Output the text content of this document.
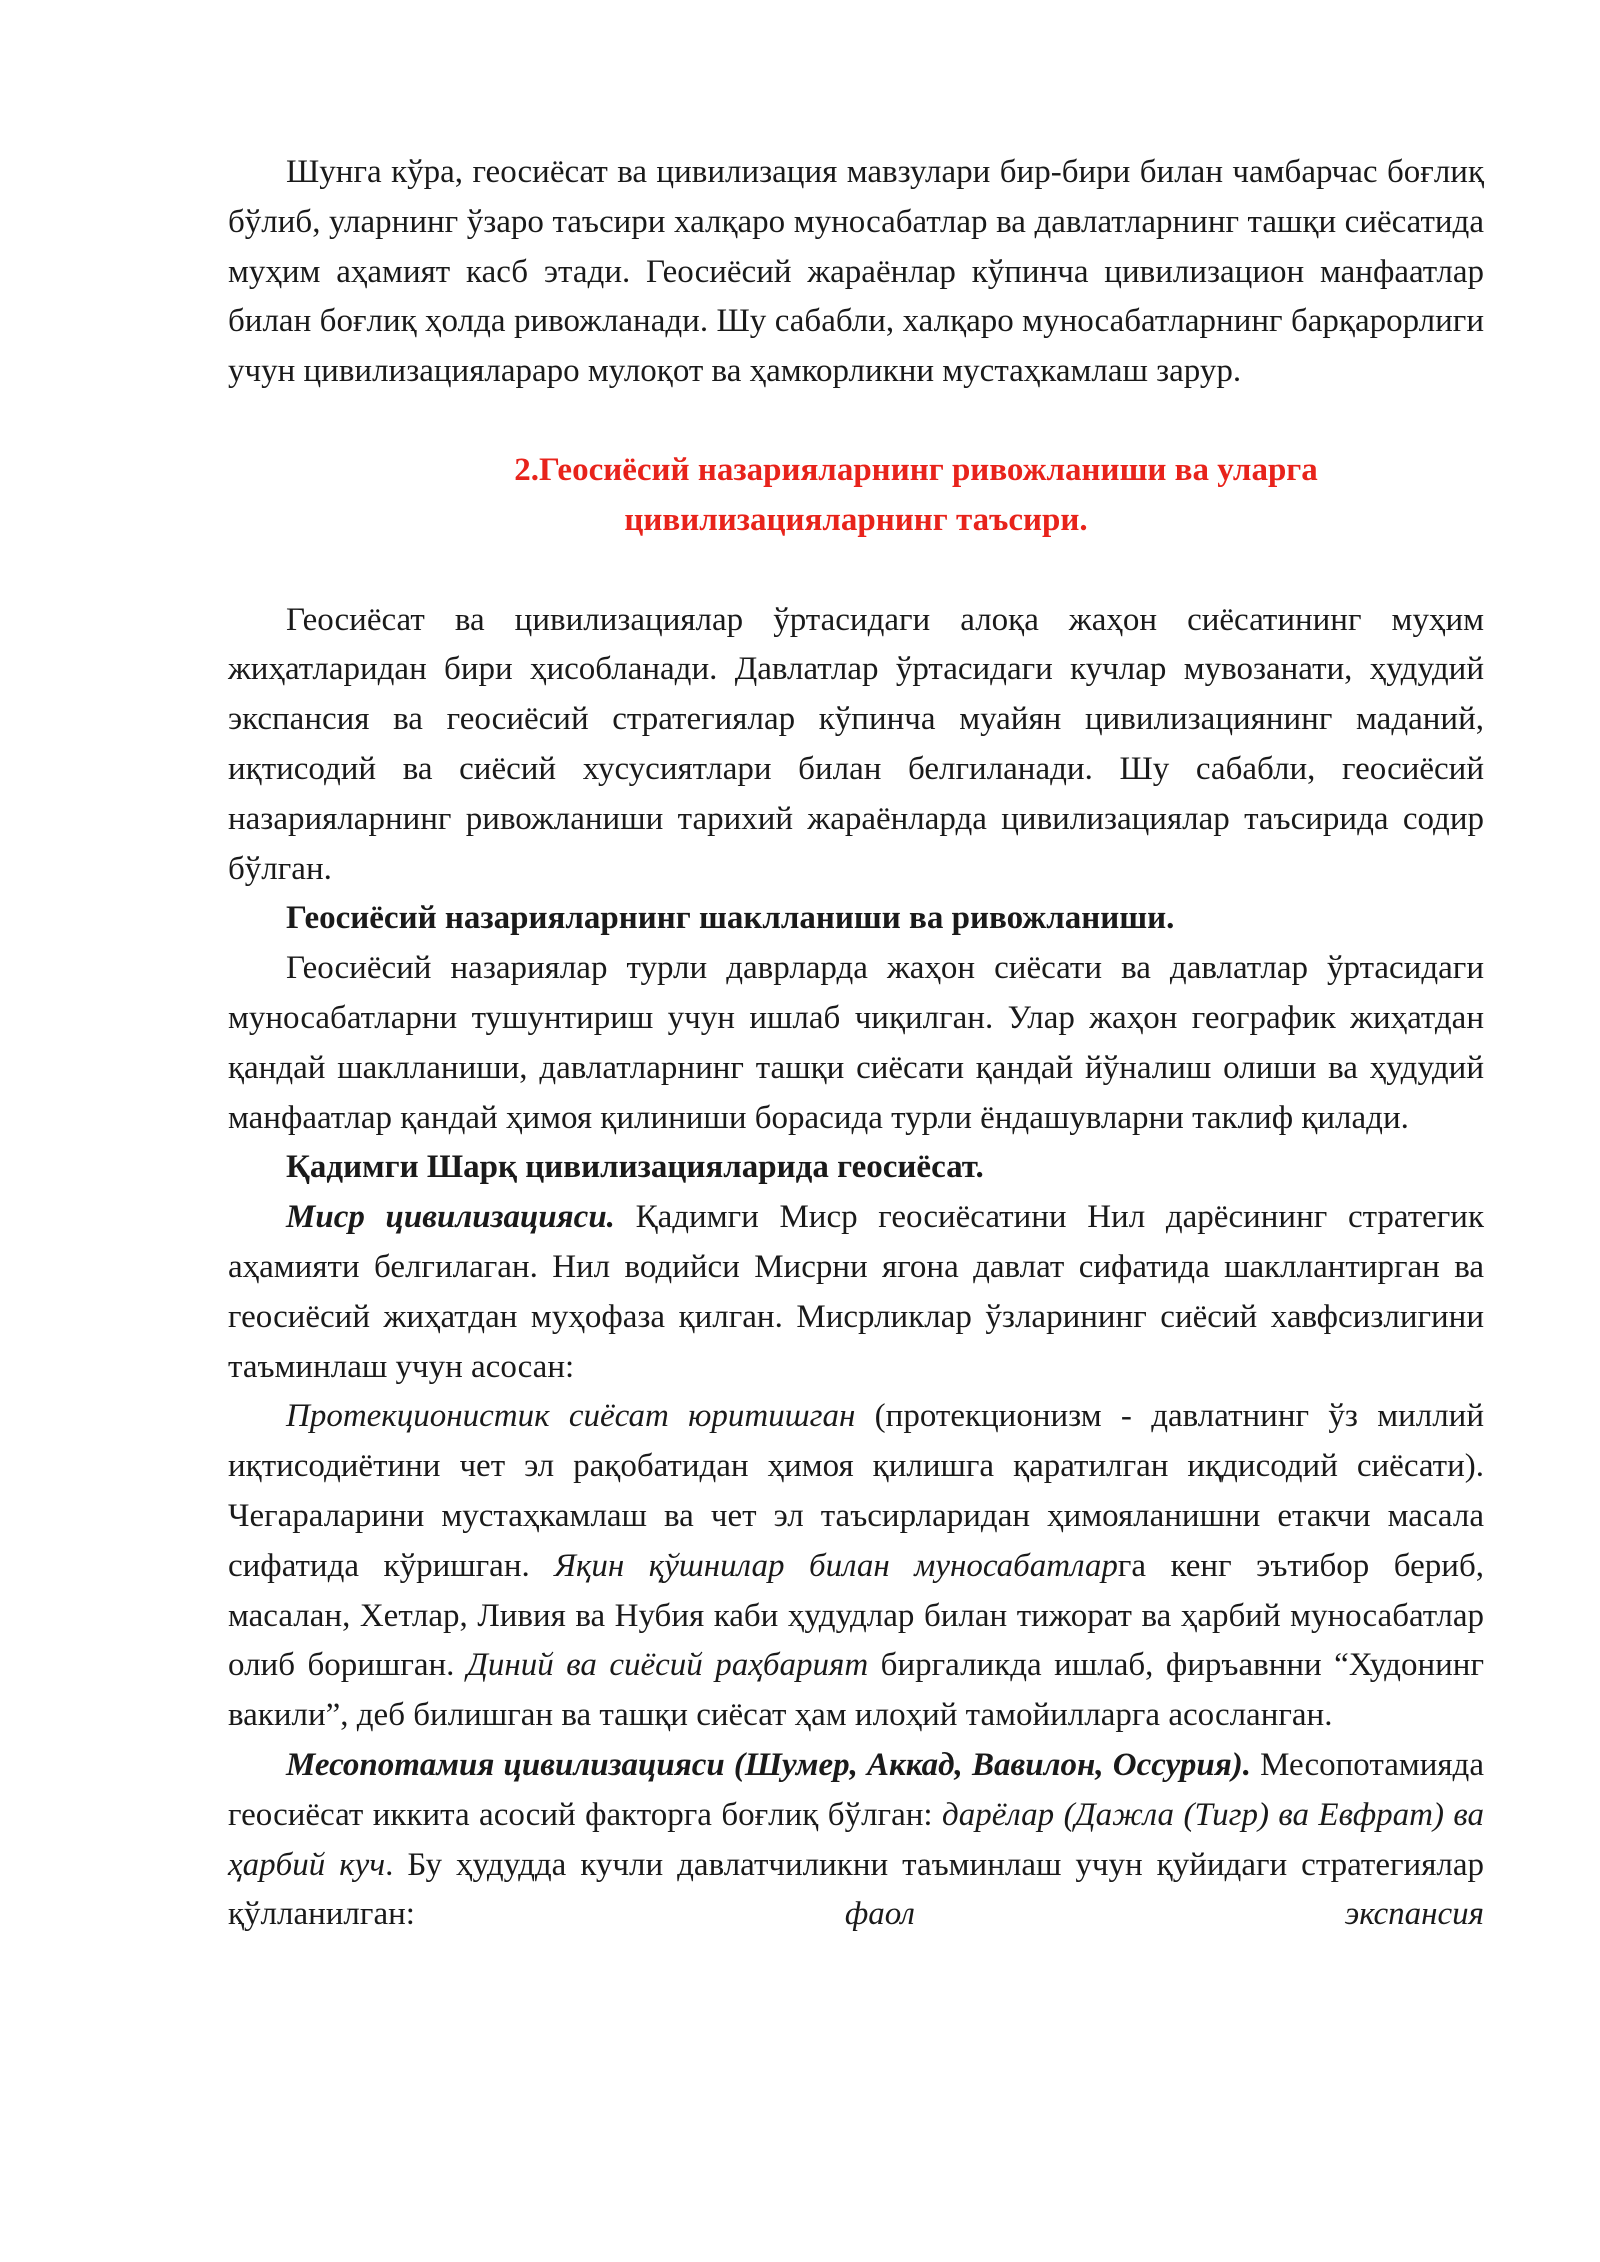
Шунга кўра, геосиёсат ва цивилизация мавзулари бир-бири билан чамбарчас боғлиқ бўлиб, уларнинг ўзаро таъсири халқаро муносабатлар ва давлатларнинг ташқи сиёсатида муҳим аҳамият касб этади. Геосиёсий жараёнлар кўпинча цивилизацион манфаатлар билан боғлиқ ҳолда ривожланади. Шу сабабли, халқаро муносабатларнинг барқарорлиги учун цивилизациялараро мулоқот ва ҳамкорликни мустаҳкамлаш зарур.

2.Геосиёсий назарияларнинг ривожланиши ва уларга
цивилизацияларнинг таъсири.

Геосиёсат ва цивилизациялар ўртасидаги алоқа жаҳон сиёсатининг муҳим жиҳатларидан бири ҳисобланади. Давлатлар ўртасидаги кучлар мувозанати, ҳудудий экспансия ва геосиёсий стратегиялар кўпинча муайян цивилизациянинг маданий, иқтисодий ва сиёсий хусусиятлари билан белгиланади. Шу сабабли, геосиёсий назарияларнинг ривожланиши тарихий жараёнларда цивилизациялар таъсирида содир бўлган.

Геосиёсий назарияларнинг шаклланиши ва ривожланиши.

Геосиёсий назариялар турли даврларда жаҳон сиёсати ва давлатлар ўртасидаги муносабатларни тушунтириш учун ишлаб чиқилган. Улар жаҳон географик жиҳатдан қандай шаклланиши, давлатларнинг ташқи сиёсати қандай йўналиш олиши ва ҳудудий манфаатлар қандай ҳимоя қилиниши борасида турли ёндашувларни таклиф қилади.

Қадимги Шарқ цивилизацияларида геосиёсат.

Миср цивилизацияси. Қадимги Миср геосиёсатини Нил дарёсининг стратегик аҳамияти белгилаган. Нил водийси Мисрни ягона давлат сифатида шакллантирган ва геосиёсий жиҳатдан муҳофаза қилган. Мисрликлар ўзларининг сиёсий хавфсизлигини таъминлаш учун асосан:

Протекционистик сиёсат юритишган (протекционизм - давлатнинг ўз миллий иқтисодиётини чет эл рақобатидан ҳимоя қилишга қаратилган иқдисодий сиёсати). Чегараларини мустаҳкамлаш ва чет эл таъсирларидан ҳимояланишни етакчи масала сифатида кўришган. Яқин қўшнилар билан муносабатларга кенг эътибор бериб, масалан, Хетлар, Ливия ва Нубия каби ҳудудлар билан тижорат ва ҳарбий муносабатлар олиб боришган. Диний ва сиёсий раҳбарият биргаликда ишлаб, фиръавнни “Худонинг вакили”, деб билишган ва ташқи сиёсат ҳам илоҳий тамойилларга асосланган.

Месопотамия цивилизацияси (Шумер, Аккад, Вавилон, Оссурия). Месопотамияда геосиёсат иккита асосий факторга боғлиқ бўлган: дарёлар (Дажла (Тигр) ва Евфрат) ва ҳарбий куч. Бу ҳудудда кучли давлатчиликни таъминлаш учун қуйидаги стратегиялар қўлланилган: фаол экспансия
